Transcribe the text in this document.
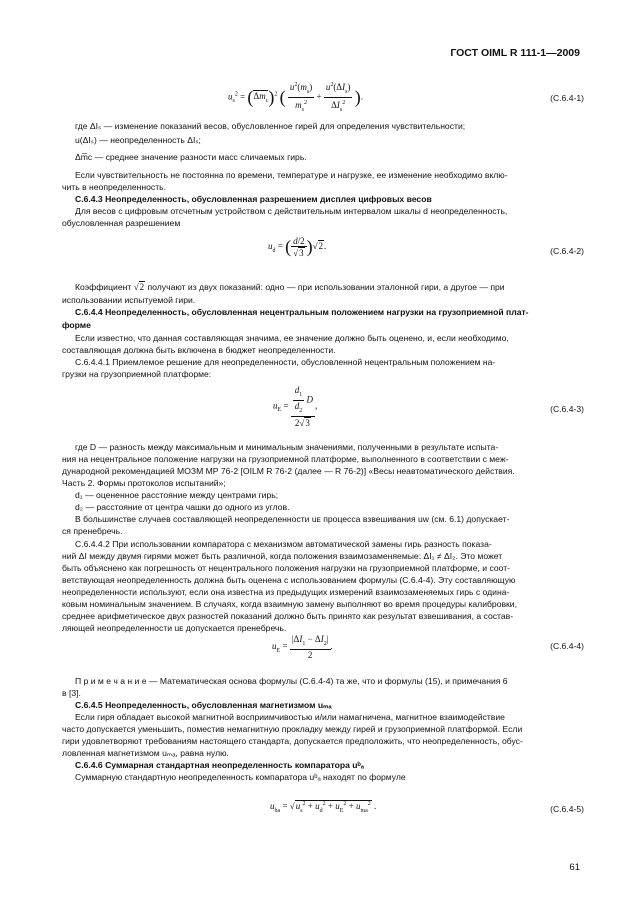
ГОСТ OIML R 111-1—2009
$u_s^2 = (\Delta m_c)^2$ ( $\frac{u^2(m_s)}{m_s^2} + \frac{u^2(\Delta I_s)}{\Delta I_s^2}$ ).	(С.6.4-1)
где ΔIₛ — изменение показаний весов, обусловленное гирей для определения чувствительности;
u(ΔIₛ) — неопределенность ΔIₛ;
Δm̅c — среднее значение разности масс сличаемых гирь.
Если чувствительность не постоянна по времени, температуре и нагрузке, ее изменение необходимо вклю-
чить в неопределенность.
С.6.4.3 Неопределенность, обусловленная разрешением дисплея цифровых весов
Для весов с цифровым отсчетным устройством с действительным интервалом шкалы d неопределенность,
обусловленная разрешением
$u_d$ = ( $\frac{d/2}{√3} )√2$.	(С.6.4-2)
Коэффициент √2 получают из двух показаний: одно — при использовании эталонной гири, а другое — при
использовании испытуемой гири.
С.6.4.4 Неопределенность, обусловленная нецентральным положением нагрузки на грузоприемной плат-
форме
Если известно, что данная составляющая значима, ее значение должно быть оценено, и, если необходимо,
составляющая должна быть включена в бюджет неопределенности.
С.6.4.4.1 Приемлемое решение для неопределенности, обусловленной нецентральным положением на-
грузки на грузоприемной платформе:
$u_E = \frac{\frac{d_1}{d_2} D}{2√3}$ ,	(С.6.4-3)
где D — разность между максимальным и минимальным значениями, полученными в результате испыта-
ния на нецентральное положение нагрузки на грузоприемной платформе, выполненного в соответствии с меж-
дународной рекомендацией МОЗМ МР 76-2 [OILM R 76-2 (далее — R 76-2)] «Весы неавтоматического действия.
Часть 2. Формы протоколов испытаний»;
d₁ — оцененное расстояние между центрами гирь;
d₂ — расстояние от центра чашки до одного из углов.
В большинстве случаев составляющей неопределенности uᴇ процесса взвешивания uᴡ (см. 6.1) допускает-
ся пренебречь.
С.6.4.4.2 При использовании компаратора с механизмом автоматической замены гирь разность показа-
ний ΔI между двумя гирями может быть различной, когда положения взаимозаменяемые: ΔI₁ ≠ ΔI₂. Это может
быть объяснено как погрешность от нецентрального положения нагрузки на грузоприемной платформе, и соот-
ветствующая неопределенность должна быть оценена с использованием формулы (С.6.4-4). Эту составляющую
неопределенности используют, если она известна из предыдущих измерений взаимозаменяемых гирь с одина-
ковым номинальным значением. В случаях, когда взаимную замену выполняют во время процедуры калибровки,
среднее арифметическое двух разностей показаний должно быть принято как результат взвешивания, а состав-
ляющей неопределенности uᴇ допускается пренебречь.
$u_E = \frac{|\Delta I_1 - \Delta I_2|}{2}$ .	(С.6.4-4)
П р и м е ч а н и е — Математическая основа формулы (С.6.4-4) та же, что и формулы (15), и примечания 6
в [3].
С.6.4.5 Неопределенность, обусловленная магнетизмом uₘₐ
Если гиря обладает высокой магнитной восприимчивостью и/или намагничена, магнитное взаимодействие
часто допускается уменьшить, поместив немагнитную прокладку между гирей и грузоприемной платформой. Если
гири удовлетворяют требованиям настоящего стандарта, допускается предположить, что неопределенность, обус-
ловленная магнетизмом uₘₐ, равна нулю.
С.6.4.6 Суммарная стандартная неопределенность компаратора uᵇₐ
Суммарную стандартную неопределенность компаратора uᵇₐ находят по формуле
$u_{ba} = √u_s^2 + u_d^2 + u_E^2 + u_{ma}^2$ .	(С.6.4-5)
61
